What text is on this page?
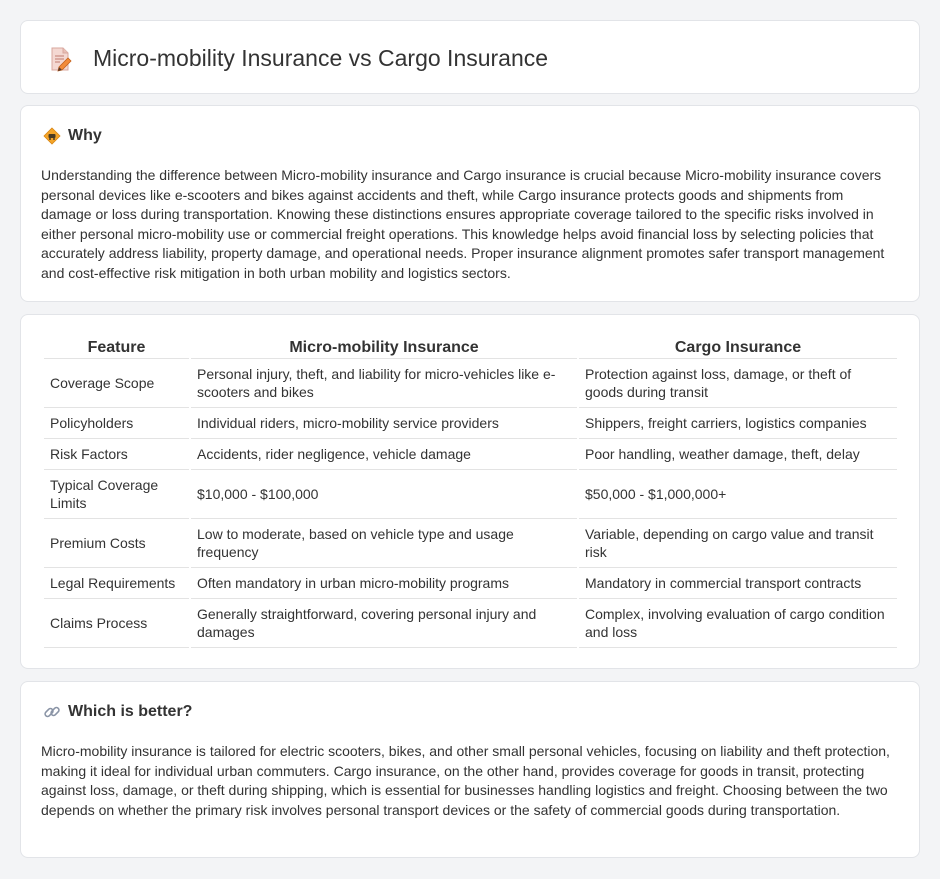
Micro-mobility Insurance vs Cargo Insurance
Why

Understanding the difference between Micro-mobility insurance and Cargo insurance is crucial because Micro-mobility insurance covers personal devices like e-scooters and bikes against accidents and theft, while Cargo insurance protects goods and shipments from damage or loss during transportation. Knowing these distinctions ensures appropriate coverage tailored to the specific risks involved in either personal micro-mobility use or commercial freight operations. This knowledge helps avoid financial loss by selecting policies that accurately address liability, property damage, and operational needs. Proper insurance alignment promotes safer transport management and cost-effective risk mitigation in both urban mobility and logistics sectors.

Feature	Micro-mobility Insurance	Cargo Insurance
Coverage Scope	Personal injury, theft, and liability for micro-vehicles like e-scooters and bikes	Protection against loss, damage, or theft of goods during transit
Policyholders	Individual riders, micro-mobility service providers	Shippers, freight carriers, logistics companies
Risk Factors	Accidents, rider negligence, vehicle damage	Poor handling, weather damage, theft, delay
Typical Coverage Limits	$10,000 - $100,000	$50,000 - $1,000,000+
Premium Costs	Low to moderate, based on vehicle type and usage frequency	Variable, depending on cargo value and transit risk
Legal Requirements	Often mandatory in urban micro-mobility programs	Mandatory in commercial transport contracts
Claims Process	Generally straightforward, covering personal injury and damages	Complex, involving evaluation of cargo condition and loss
Which is better?

Micro-mobility insurance is tailored for electric scooters, bikes, and other small personal vehicles, focusing on liability and theft protection, making it ideal for individual urban commuters. Cargo insurance, on the other hand, provides coverage for goods in transit, protecting against loss, damage, or theft during shipping, which is essential for businesses handling logistics and freight. Choosing between the two depends on whether the primary risk involves personal transport devices or the safety of commercial goods during transportation.
